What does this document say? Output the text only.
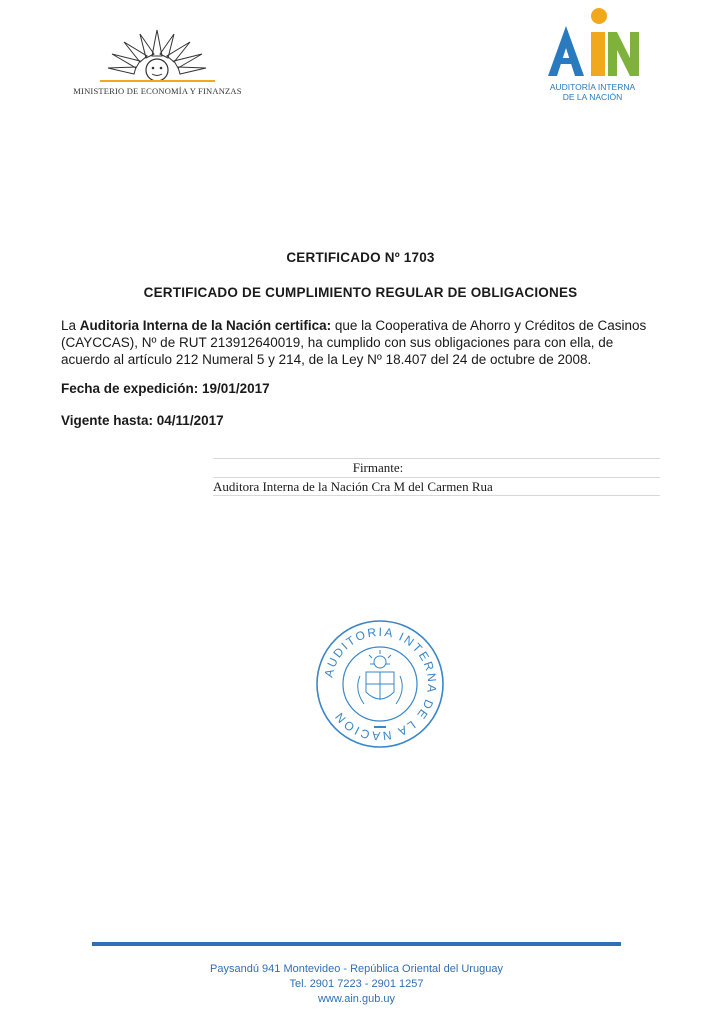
MINISTERIO DE ECONOMÍA Y FINANZAS	AUDITORÍA INTERNA
DE LA NACIÓN
CERTIFICADO Nº 1703
CERTIFICADO DE CUMPLIMIENTO REGULAR DE OBLIGACIONES
La Auditoria Interna de la Nación certifica: que la Cooperativa de Ahorro y Créditos de Casinos (CAYCCAS), Nº de RUT 213912640019, ha cumplido con sus obligaciones para con ella, de acuerdo al artículo 212 Numeral 5 y 214, de la Ley Nº 18.407 del 24 de octubre de 2008.
Fecha de expedición: 19/01/2017
Vigente hasta: 04/11/2017
Firmante:
Auditora Interna de la Nación Cra M del Carmen Rua
AUDITORIA INTERNA DE LA NACION
Paysandú 941 Montevideo - República Oriental del Uruguay
Tel. 2901 7223 - 2901 1257
www.ain.gub.uy
